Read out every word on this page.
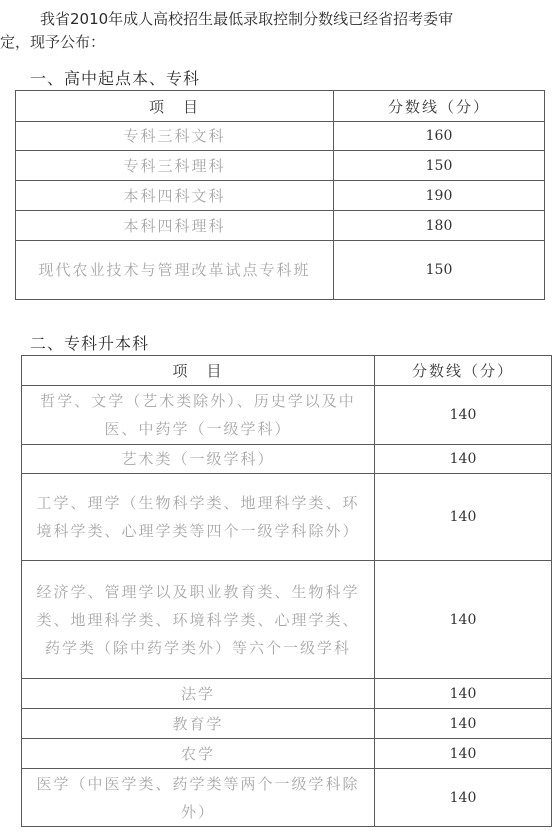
我省2010年成人高校招生最低录取控制分数线已经省招考委审
定，现予公布：
一、高中起点本、专科
项　目	分数线（分）
专科三科文科	160
专科三科理科	150
本科四科文科	190
本科四科理科	180
现代农业技术与管理改革试点专科班	150
二、专科升本科
项　目	分数线（分）
哲学、文学（艺术类除外）、历史学以及中医、中药学（一级学科）	140
艺术类（一级学科）	140
工学、理学（生物科学类、地理科学类、环境科学类、心理学类等四个一级学科除外）	140
经济学、管理学以及职业教育类、生物科学类、地理科学类、环境科学类、心理学类、药学类（除中药学类外）等六个一级学科	140
法学	140
教育学	140
农学	140
医学（中医学类、药学类等两个一级学科除外）	140
